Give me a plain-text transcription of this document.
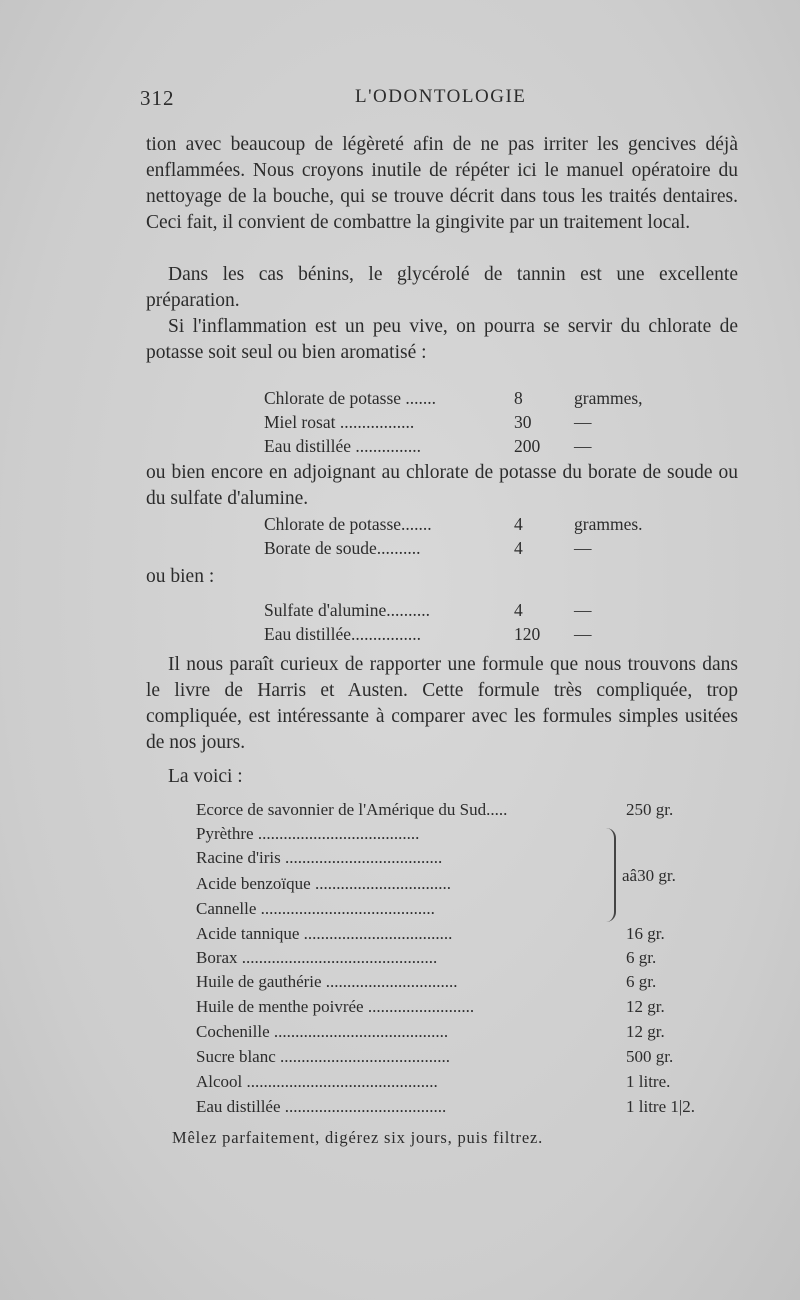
312	L'ODONTOLOGIE

tion avec beaucoup de légèreté afin de ne pas irriter les gencives déjà enflammées. Nous croyons inutile de répéter ici le manuel opératoire du nettoyage de la bouche, qui se trouve décrit dans tous les traités dentaires. Ceci fait, il convient de combattre la gingivite par un traitement local.

Dans les cas bénins, le glycérolé de tannin est une excellente préparation.

Si l'inflammation est un peu vive, on pourra se servir du chlorate de potasse soit seul ou bien aromatisé :

Chlorate de potasse .......	8	grammes,
Miel rosat .................	30	—
Eau distillée ...............	200	—

ou bien encore en adjoignant au chlorate de potasse du borate de soude ou du sulfate d'alumine.

Chlorate de potasse.......	4	grammes.
Borate de soude..........	4	—
ou bien :
Sulfate d'alumine..........	4	—
Eau distillée................	120	—

Il nous paraît curieux de rapporter une formule que nous trouvons dans le livre de Harris et Austen. Cette formule très compliquée, trop compliquée, est intéressante à comparer avec les formules simples usitées de nos jours.

La voici :

Ecorce de savonnier de l'Amérique du Sud.....	250 gr.
Pyrèthre ......................................
Racine d'iris .....................................
Acide benzoïque ................................
Cannelle .........................................
aâ30 gr.
Acide tannique ...................................	16 gr.
Borax ..............................................	6 gr.
Huile de gauthérie ...............................	6 gr.
Huile de menthe poivrée .........................	12 gr.
Cochenille .........................................	12 gr.
Sucre blanc ........................................	500 gr.
Alcool .............................................	1 litre.
Eau distillée ......................................	1 litre 1|2.
Mêlez parfaitement, digérez six jours, puis filtrez.
